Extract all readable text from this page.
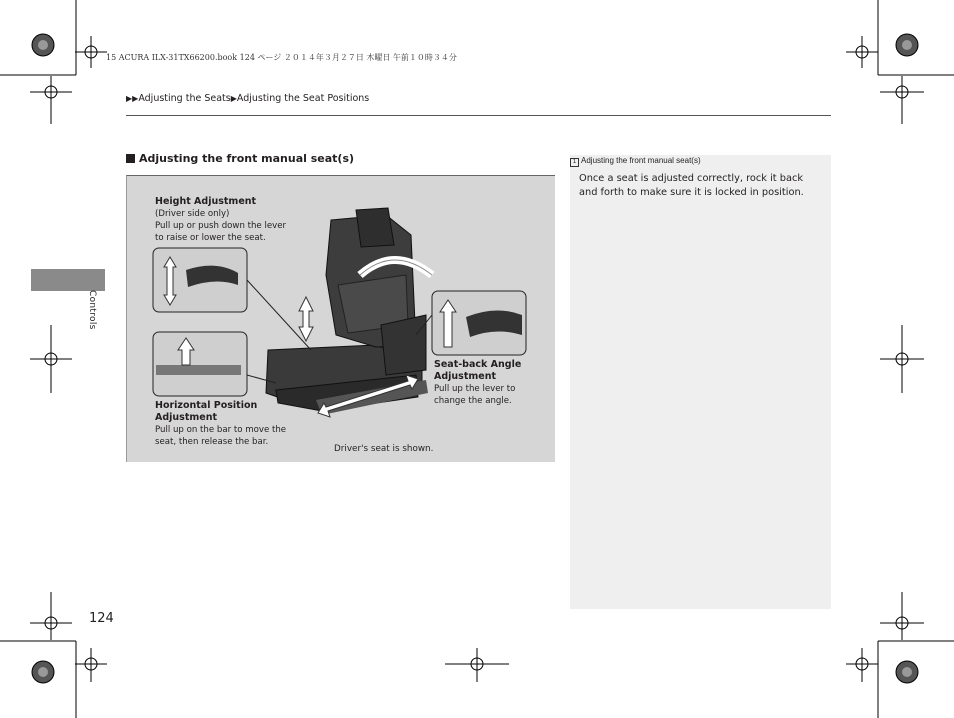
15 ACURA ILX-31TX66200.book 124 ページ ２０１４年３月２７日 木曜日 午前１０時３４分
▶▶Adjusting the Seats▶Adjusting the Seat Positions
Controls
Adjusting the front manual seat(s)
Height Adjustment
(Driver side only)
Pull up or push down the lever
to raise or lower the seat.
Horizontal Position
Adjustment
Pull up on the bar to move the
seat, then release the bar.
Seat-back Angle
Adjustment
Pull up the lever to
change the angle.
Driver's seat is shown.
1 Adjusting the front manual seat(s)
Once a seat is adjusted correctly, rock it back and forth to make sure it is locked in position.
124
